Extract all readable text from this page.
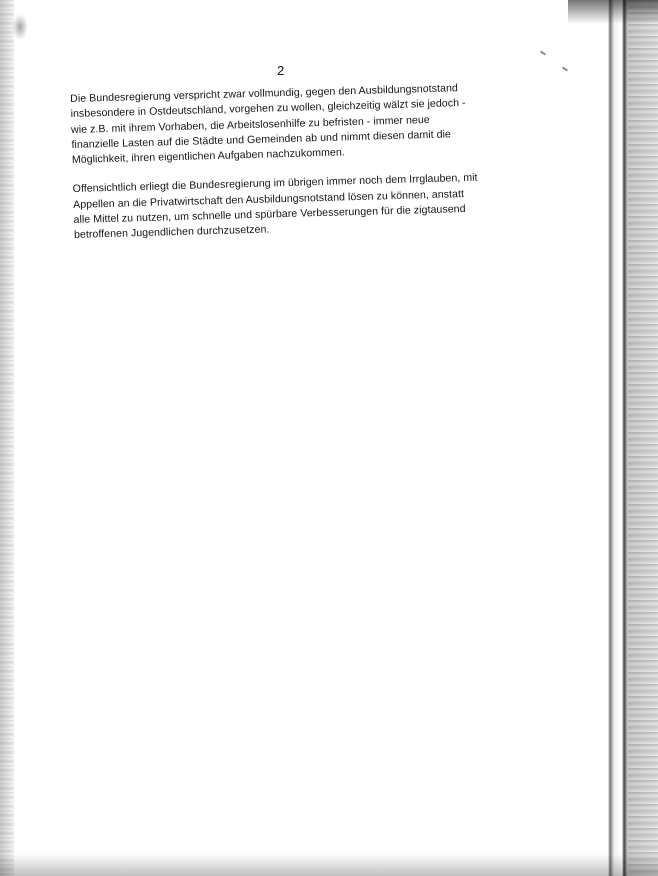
2

Die Bundesregierung verspricht zwar vollmundig, gegen den Ausbildungsnotstand
insbesondere in Ostdeutschland, vorgehen zu wollen, gleichzeitig wälzt sie jedoch -
wie z.B. mit ihrem Vorhaben, die Arbeitslosenhilfe zu befristen - immer neue
finanzielle Lasten auf die Städte und Gemeinden ab und nimmt diesen damit die
Möglichkeit, ihren eigentlichen Aufgaben nachzukommen.

Offensichtlich erliegt die Bundesregierung im übrigen immer noch dem Irrglauben, mit
Appellen an die Privatwirtschaft den Ausbildungsnotstand lösen zu können, anstatt
alle Mittel zu nutzen, um schnelle und spürbare Verbesserungen für die zigtausend
betroffenen Jugendlichen durchzusetzen.
